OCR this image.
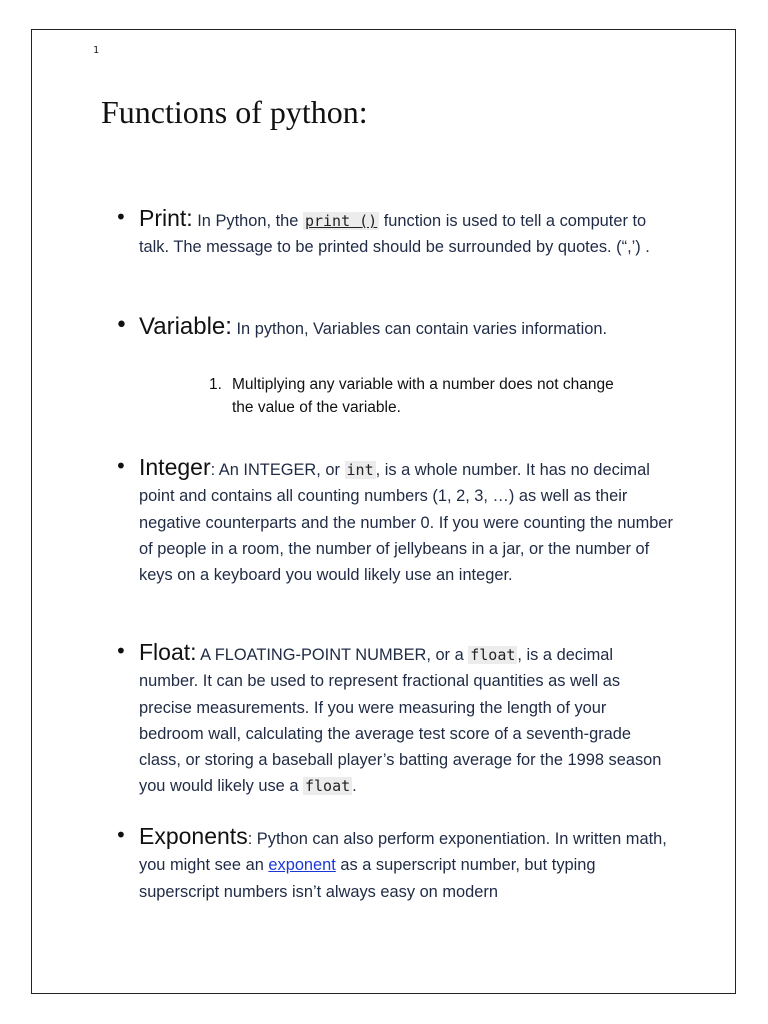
1
Functions of python:
• Print: In Python, the print () function is used to tell a computer to talk. The message to be printed should be surrounded by quotes. (“,’) .
• Variable: In python, Variables can contain varies information.
1. Multiplying any variable with a number does not change the value of the variable.
• Integer: An INTEGER, or int , is a whole number. It has no decimal point and contains all counting numbers (1, 2, 3, …) as well as their negative counterparts and the number 0. If you were counting the number of people in a room, the number of jellybeans in a jar, or the number of keys on a keyboard you would likely use an integer.
• Float: A FLOATING-POINT NUMBER, or a float , is a decimal number. It can be used to represent fractional quantities as well as precise measurements. If you were measuring the length of your bedroom wall, calculating the average test score of a seventh-grade class, or storing a baseball player’s batting average for the 1998 season you would likely use a float .
• Exponents: Python can also perform exponentiation. In written math, you might see an exponent as a superscript number, but typing superscript numbers isn’t always easy on modern
